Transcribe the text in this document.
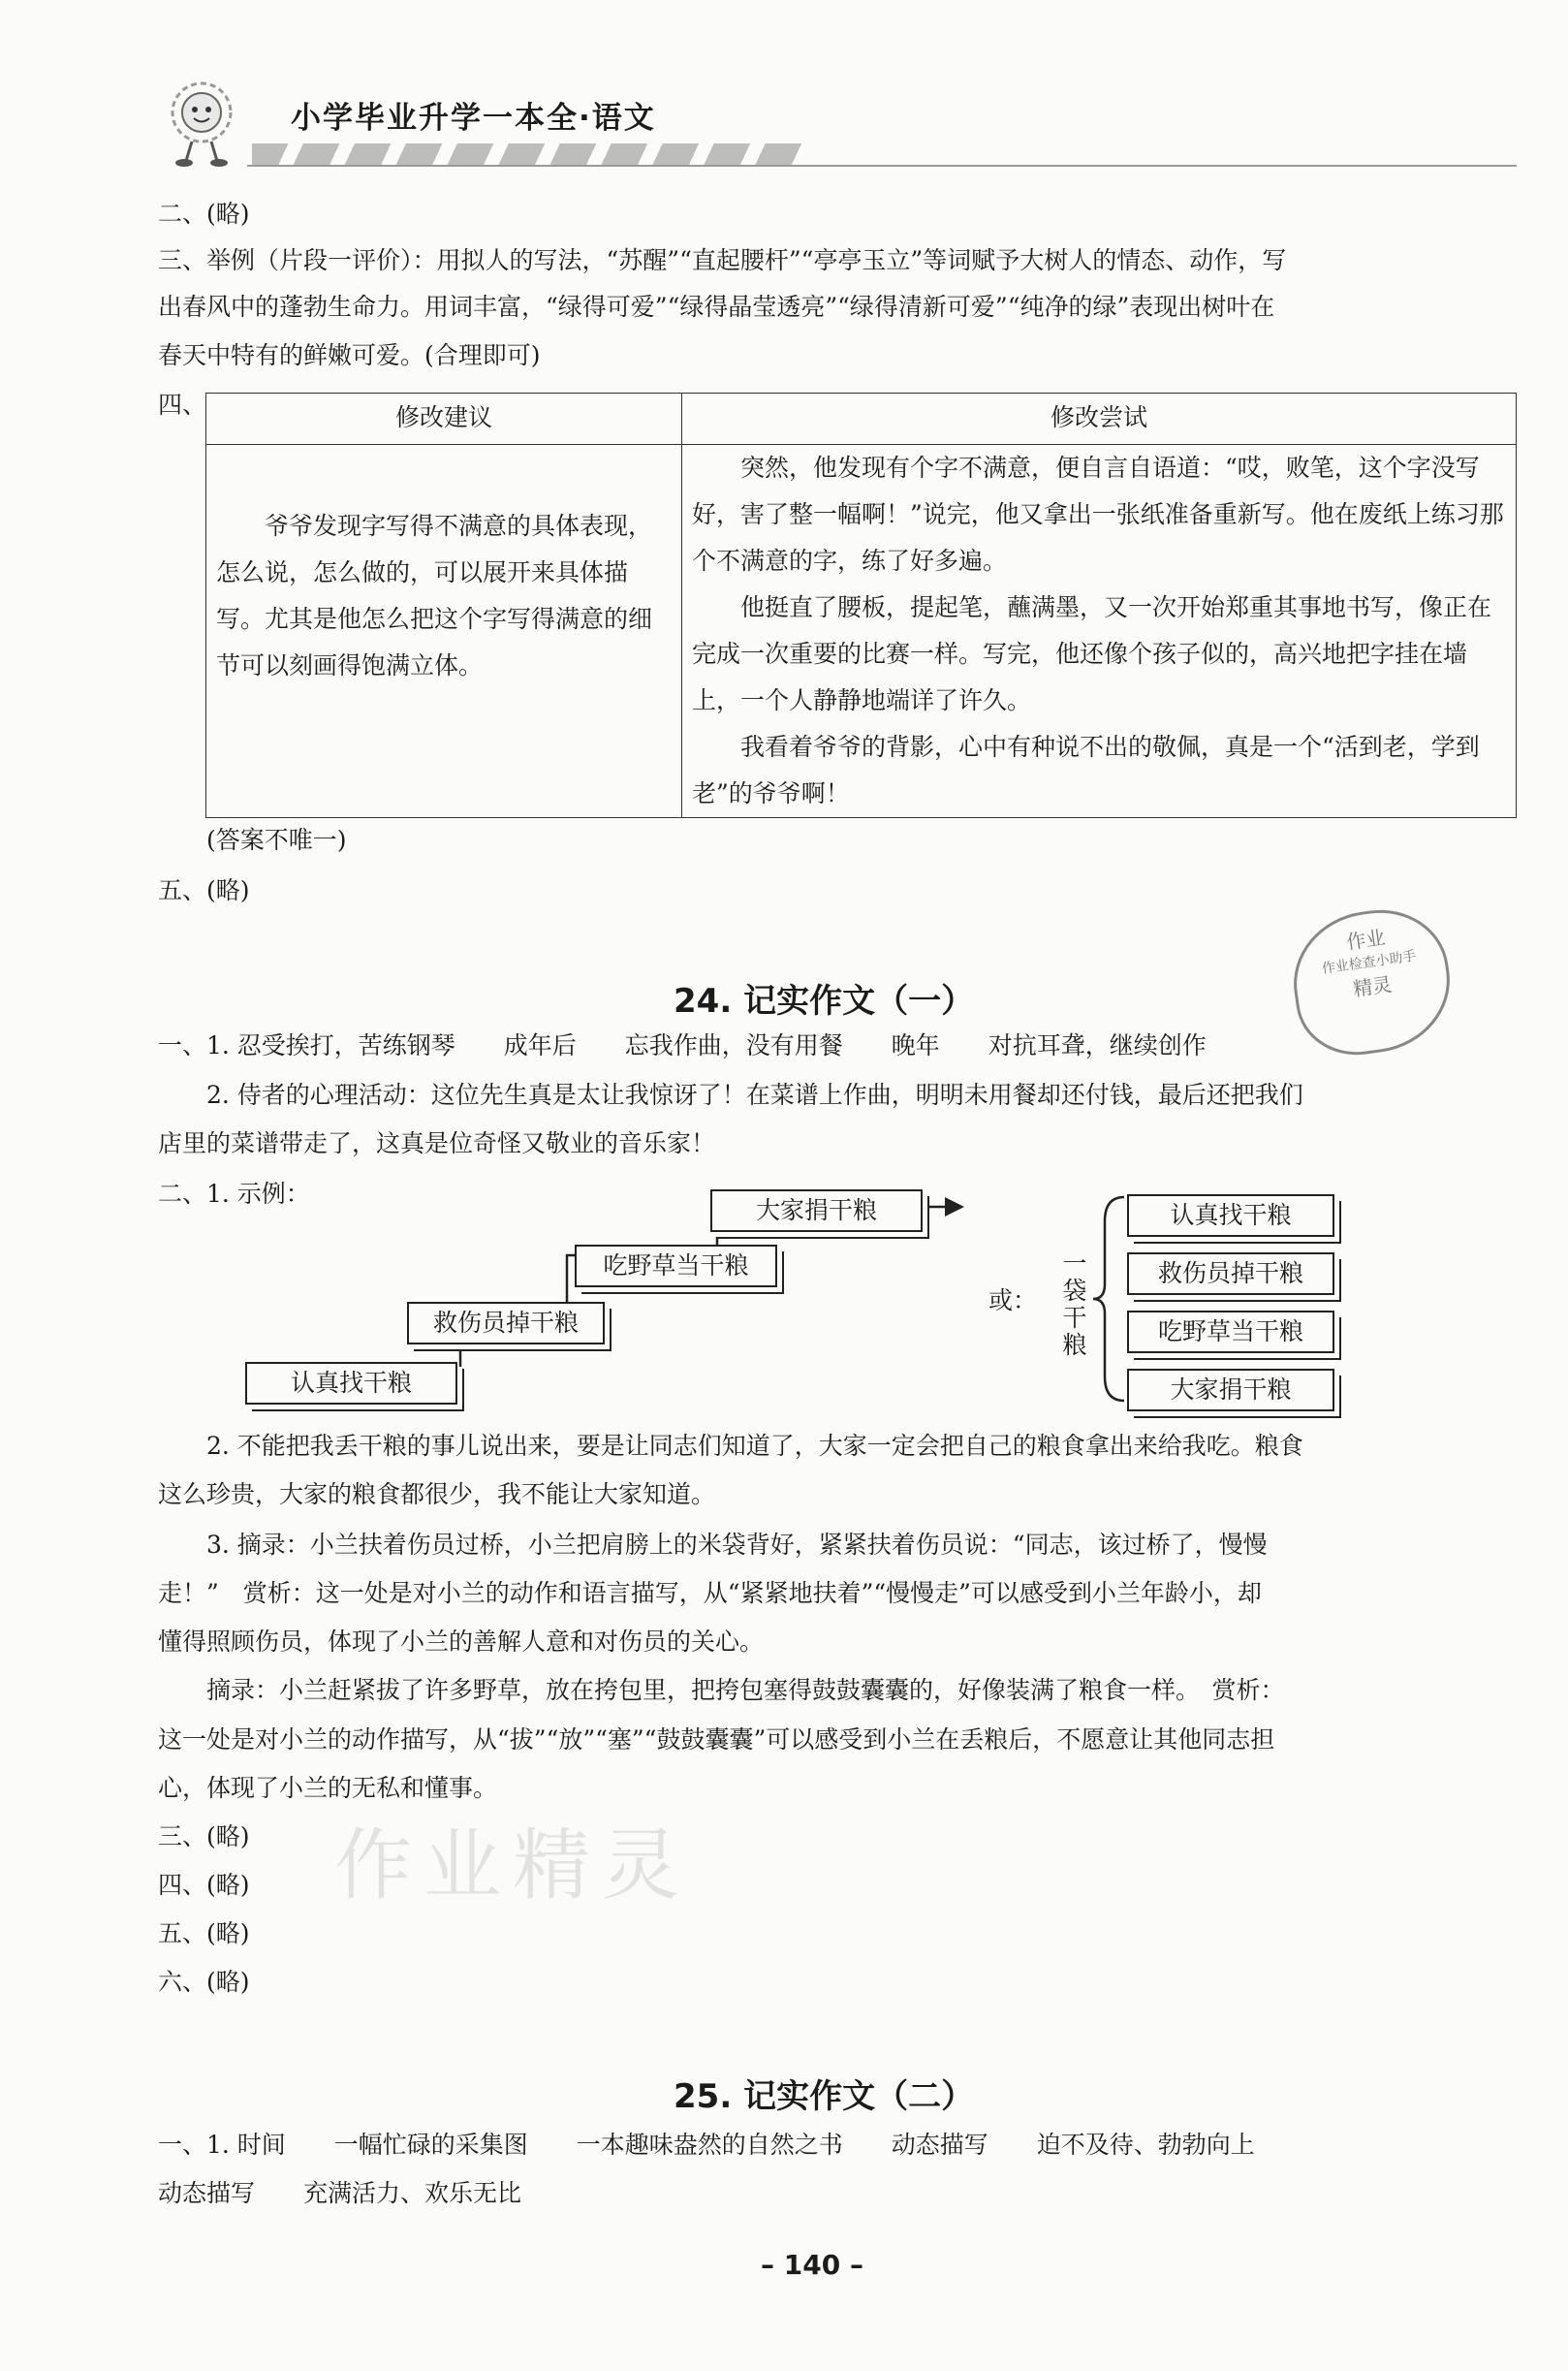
小学毕业升学一本全·语文
二、(略)
三、举例（片段一评价）：用拟人的写法，“苏醒”“直起腰杆”“亭亭玉立”等词赋予大树人的情态、动作，写
出春风中的蓬勃生命力。用词丰富，“绿得可爱”“绿得晶莹透亮”“绿得清新可爱”“纯净的绿”表现出树叶在
春天中特有的鲜嫩可爱。(合理即可)
四、	修改建议	修改尝试

爷爷发现字写得不满意的具体表现，怎么说，怎么做的，可以展开来具体描写。尤其是他怎么把这个字写得满意的细节可以刻画得饱满立体。	突然，他发现有个字不满意，便自言自语道：“哎，败笔，这个字没写好，害了整一幅啊！”说完，他又拿出一张纸准备重新写。他在废纸上练习那个不满意的字，练了好多遍。

他挺直了腰板，提起笔，蘸满墨，又一次开始郑重其事地书写，像正在完成一次重要的比赛一样。写完，他还像个孩子似的，高兴地把字挂在墙上，一个人静静地端详了许久。

我看着爷爷的背影，心中有种说不出的敬佩，真是一个“活到老，学到老”的爷爷啊！

(答案不唯一)
五、(略)
作业
作业检查小助手
精灵
24. 记实作文（一）
一、1. 忍受挨打，苦练钢琴　　成年后　　忘我作曲，没有用餐　　晚年　　对抗耳聋，继续创作
2. 侍者的心理活动：这位先生真是太让我惊讶了！在菜谱上作曲，明明未用餐却还付钱，最后还把我们
店里的菜谱带走了，这真是位奇怪又敬业的音乐家！
二、1. 示例：
认真找干粮
救伤员掉干粮
吃野草当干粮
大家捐干粮
或：
一袋干粮
认真找干粮
救伤员掉干粮
吃野草当干粮
大家捐干粮
2. 不能把我丢干粮的事儿说出来，要是让同志们知道了，大家一定会把自己的粮食拿出来给我吃。粮食
这么珍贵，大家的粮食都很少，我不能让大家知道。
3. 摘录：小兰扶着伤员过桥，小兰把肩膀上的米袋背好，紧紧扶着伤员说：“同志，该过桥了，慢慢
走！”　赏析：这一处是对小兰的动作和语言描写，从“紧紧地扶着”“慢慢走”可以感受到小兰年龄小，却
懂得照顾伤员，体现了小兰的善解人意和对伤员的关心。
摘录：小兰赶紧拔了许多野草，放在挎包里，把挎包塞得鼓鼓囊囊的，好像装满了粮食一样。　赏析：
这一处是对小兰的动作描写，从“拔”“放”“塞”“鼓鼓囊囊”可以感受到小兰在丢粮后，不愿意让其他同志担
心，体现了小兰的无私和懂事。
作业精灵
三、(略)
四、(略)
五、(略)
六、(略)
25. 记实作文（二）
一、1. 时间　　一幅忙碌的采集图　　一本趣味盎然的自然之书　　动态描写　　迫不及待、勃勃向上
动态描写　　充满活力、欢乐无比
– 140 –
